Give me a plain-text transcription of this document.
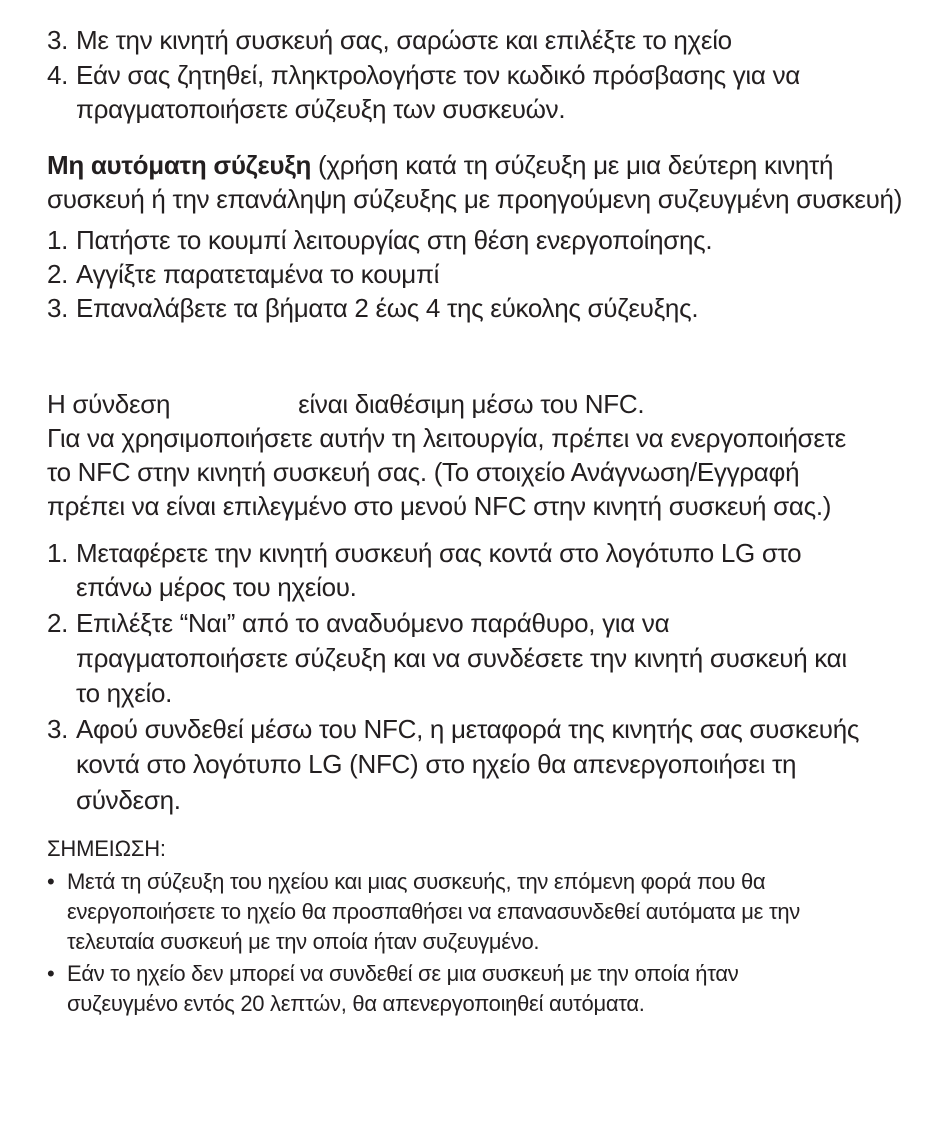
3. Με την κινητή συσκευή σας, σαρώστε και επιλέξτε το ηχείο
4. Εάν σας ζητηθεί, πληκτρολογήστε τον κωδικό πρόσβασης για να
πραγματοποιήσετε σύζευξη των συσκευών.
Μη αυτόματη σύζευξη (χρήση κατά τη σύζευξη με μια δεύτερη κινητή
συσκευή ή την επανάληψη σύζευξης με προηγούμενη συζευγμένη συσκευή)
1. Πατήστε το κουμπί λειτουργίας στη θέση ενεργοποίησης.
2. Αγγίξτε παρατεταμένα το κουμπί
3. Επαναλάβετε τα βήματα 2 έως 4 της εύκολης σύζευξης.
Η σύνδεση	είναι διαθέσιμη μέσω του NFC.
Για να χρησιμοποιήσετε αυτήν τη λειτουργία, πρέπει να ενεργοποιήσετε
το NFC στην κινητή συσκευή σας. (Το στοιχείο Ανάγνωση/Εγγραφή
πρέπει να είναι επιλεγμένο στο μενού NFC στην κινητή συσκευή σας.)
1. Μεταφέρετε την κινητή συσκευή σας κοντά στο λογότυπο LG στο
επάνω μέρος του ηχείου.
2. Επιλέξτε “Ναι” από το αναδυόμενο παράθυρο, για να
πραγματοποιήσετε σύζευξη και να συνδέσετε την κινητή συσκευή και
το ηχείο.
3. Αφού συνδεθεί μέσω του NFC, η μεταφορά της κινητής σας συσκευής
κοντά στο λογότυπο LG (NFC) στο ηχείο θα απενεργοποιήσει τη
σύνδεση.
ΣΗΜΕΙΩΣΗ:
• Μετά τη σύζευξη του ηχείου και μιας συσκευής, την επόμενη φορά που θα
ενεργοποιήσετε το ηχείο θα προσπαθήσει να επανασυνδεθεί αυτόματα με την
τελευταία συσκευή με την οποία ήταν συζευγμένο.
• Εάν το ηχείο δεν μπορεί να συνδεθεί σε μια συσκευή με την οποία ήταν
συζευγμένο εντός 20 λεπτών, θα απενεργοποιηθεί αυτόματα.
